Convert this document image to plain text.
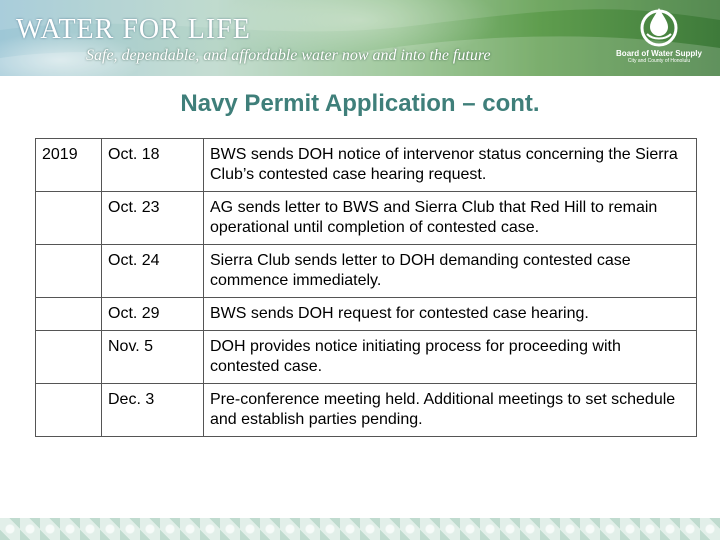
WATER FOR LIFE
Safe, dependable, and affordable water now and into the future	Board of Water Supply
City and County of Honolulu
Navy Permit Application – cont.
2019	Oct. 18	BWS sends DOH notice of intervenor status concerning the Sierra Club’s contested case hearing request.
	Oct. 23	AG sends letter to BWS and Sierra Club that Red Hill to remain operational until completion of contested case.
	Oct. 24	Sierra Club sends letter to DOH demanding contested case commence immediately.
	Oct. 29	BWS sends DOH request for contested case hearing.
	Nov. 5	DOH provides notice initiating process for proceeding with contested case.
	Dec. 3	Pre-conference meeting held. Additional meetings to set schedule and establish parties pending.
